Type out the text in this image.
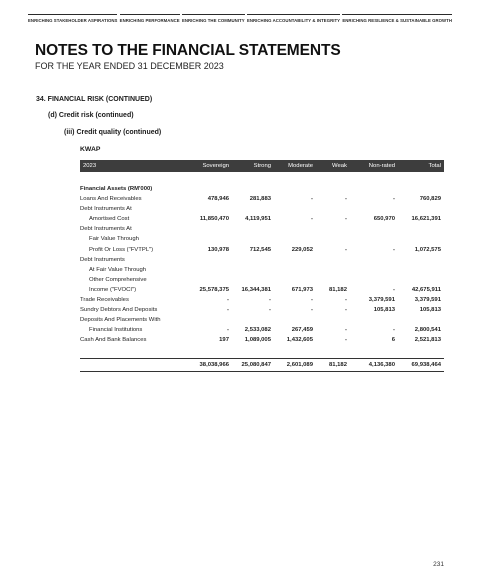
ENRICHING STAKEHOLDER ASPIRATIONS ENRICHING PERFORMANCE ENRICHING THE COMMUNITY ENRICHING ACCOUNTABILITY & INTEGRITY ENRICHING RESILIENCE & SUSTAINABLE GROWTH
NOTES TO THE FINANCIAL STATEMENTS

FOR THE YEAR ENDED 31 DECEMBER 2023

34. FINANCIAL RISK (CONTINUED)

(d) Credit risk (continued)

(iii) Credit quality (continued)

KWAP

2023	Sovereign	Strong	Moderate	Weak	Non-rated	Total

Financial Assets (RM'000)						
Loans And Receivables	478,946	281,883	-	-	-	760,829
Debt Instruments At						
Amortised Cost	11,850,470	4,119,951	-	-	650,970	16,621,391
Debt Instruments At						
Fair Value Through						
Profit Or Loss ("FVTPL")	130,978	712,545	229,052	-	-	1,072,575
Debt Instruments						
At Fair Value Through						
Other Comprehensive						
Income ("FVOCI")	25,578,375	16,344,381	671,973	81,182	-	42,675,911
Trade Receivables	-	-	-	-	3,379,591	3,379,591
Sundry Debtors And Deposits	-	-	-	-	105,813	105,813
Deposits And Placements With						
Financial Institutions	-	2,533,082	267,459	-	-	2,800,541
Cash And Bank Balances	197	1,089,005	1,432,605	-	6	2,521,813

	38,038,966	25,080,847	2,601,089	81,182	4,136,380	69,938,464

231
